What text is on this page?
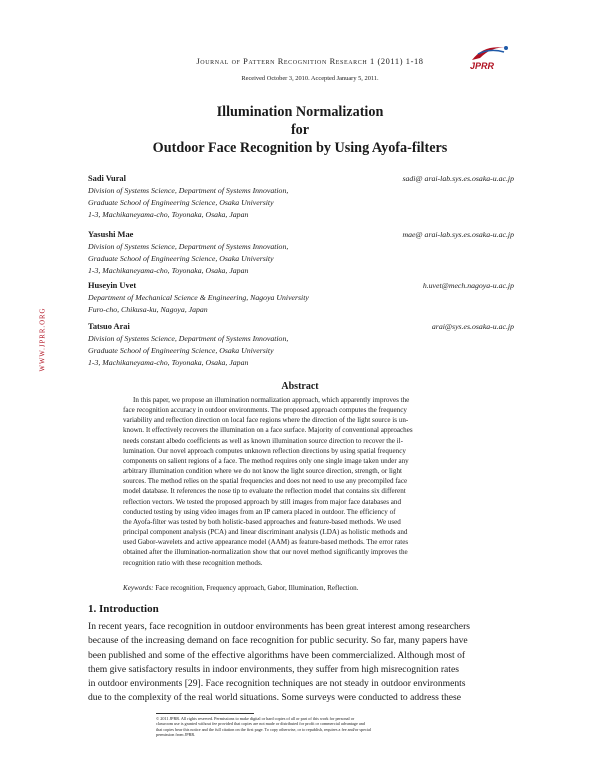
Journal of Pattern Recognition Research 1 (2011) 1-18
Received October 3, 2010. Accepted January 5, 2011.
JPRR
Illumination Normalization
for
Outdoor Face Recognition by Using Ayofa-filters
Sadi Vural	sadi@ arai-lab.sys.es.osaka-u.ac.jp
Division of Systems Science, Department of Systems Innovation,
Graduate School of Engineering Science, Osaka University
1-3, Machikaneyama-cho, Toyonaka, Osaka, Japan
Yasushi Mae	mae@ arai-lab.sys.es.osaka-u.ac.jp
Division of Systems Science, Department of Systems Innovation,
Graduate School of Engineering Science, Osaka University
1-3, Machikaneyama-cho, Toyonaka, Osaka, Japan
Huseyin Uvet	h.uvet@mech.nagoya-u.ac.jp
Department of Mechanical Science & Engineering, Nagoya University
Furo-cho, Chikusa-ku, Nagoya, Japan
Tatsuo Arai	arai@sys.es.osaka-u.ac.jp
Division of Systems Science, Department of Systems Innovation,
Graduate School of Engineering Science, Osaka University
1-3, Machikaneyama-cho, Toyonaka, Osaka, Japan
WWW.JPRR.ORG
Abstract
In this paper, we propose an illumination normalization approach, which apparently improves the
face recognition accuracy in outdoor environments. The proposed approach computes the frequency
variability and reflection direction on local face regions where the direction of the light source is un-
known. It effectively recovers the illumination on a face surface. Majority of conventional approaches
needs constant albedo coefficients as well as known illumination source direction to recover the il-
lumination. Our novel approach computes unknown reflection directions by using spatial frequency
components on salient regions of a face. The method requires only one single image taken under any
arbitrary illumination condition where we do not know the light source direction, strength, or light
sources. The method relies on the spatial frequencies and does not need to use any precompiled face
model database. It references the nose tip to evaluate the reflection model that contains six different
reflection vectors. We tested the proposed approach by still images from major face databases and
conducted testing by using video images from an IP camera placed in outdoor. The efficiency of
the Ayofa-filter was tested by both holistic-based approaches and feature-based methods. We used
principal component analysis (PCA) and linear discriminant analysis (LDA) as holistic methods and
used Gabor-wavelets and active appearance model (AAM) as feature-based methods. The error rates
obtained after the illumination-normalization show that our novel method significantly improves the
recognition ratio with these recognition methods.
Keywords: Face recognition, Frequency approach, Gabor, Illumination, Reflection.
1. Introduction
In recent years, face recognition in outdoor environments has been great interest among researchers
because of the increasing demand on face recognition for public security. So far, many papers have
been published and some of the effective algorithms have been commercialized. Although most of
them give satisfactory results in indoor environments, they suffer from high misrecognition rates
in outdoor environments [29]. Face recognition techniques are not steady in outdoor environments
due to the complexity of the real world situations. Some surveys were conducted to address these
© 2011 JPRR. All rights reserved. Permissions to make digital or hard copies of all or part of this work for personal or
classroom use is granted without fee provided that copies are not made or distributed for profit or commercial advantage and
that copies bear this notice and the full citation on the first page. To copy otherwise, or to republish, requires a fee and/or special
permission from JPRR.
